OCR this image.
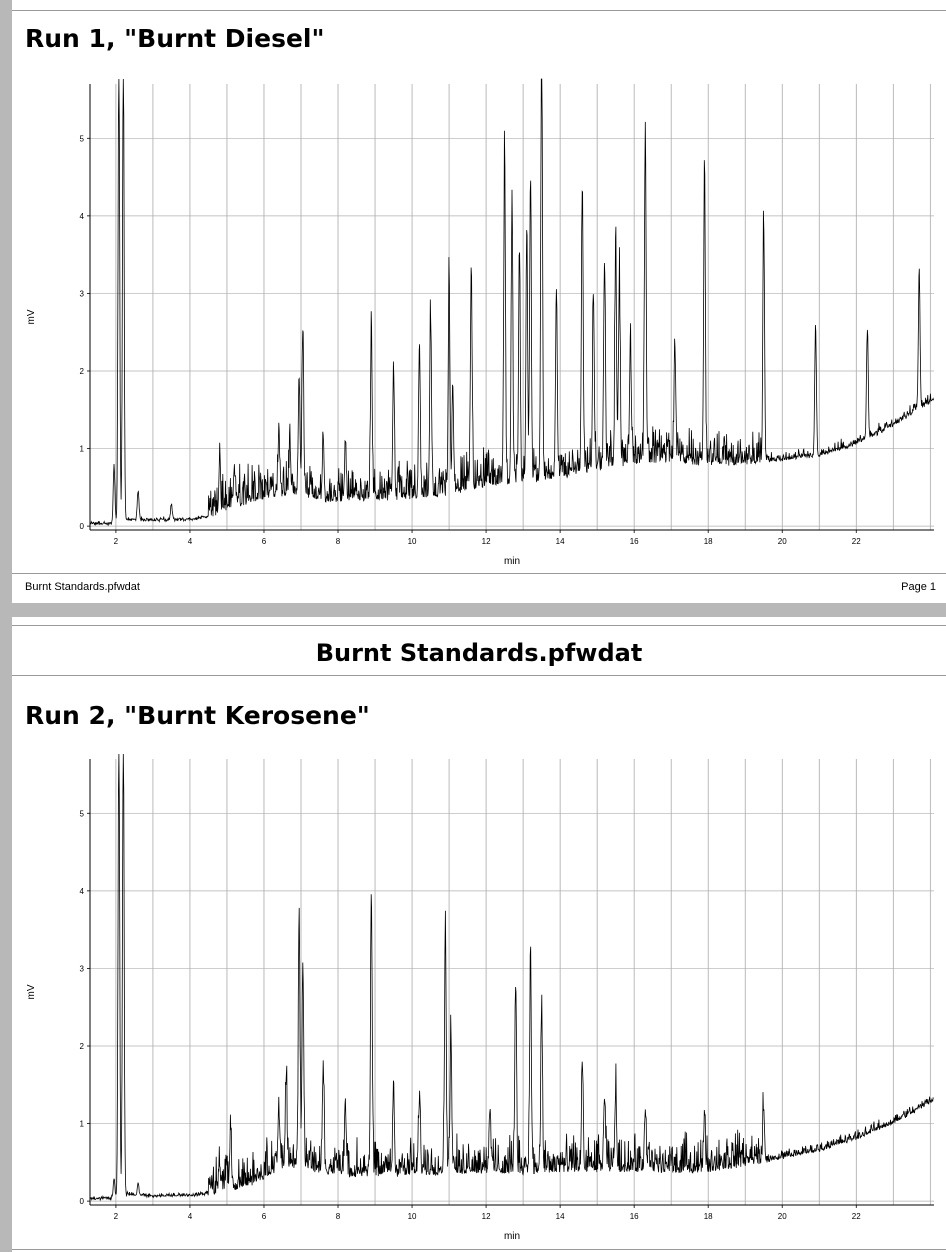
Run 1, "Burnt Diesel"
0
1
2
3
4
5
2	4	6	8	10	12	14	16	18	20	22
min
mV
Burnt Standards.pfwdat	Page 1
Burnt Standards.pfwdat
Run 2, "Burnt Kerosene"
0
1
2
3
4
5
2	4	6	8	10	12	14	16	18	20	22
min
mV
